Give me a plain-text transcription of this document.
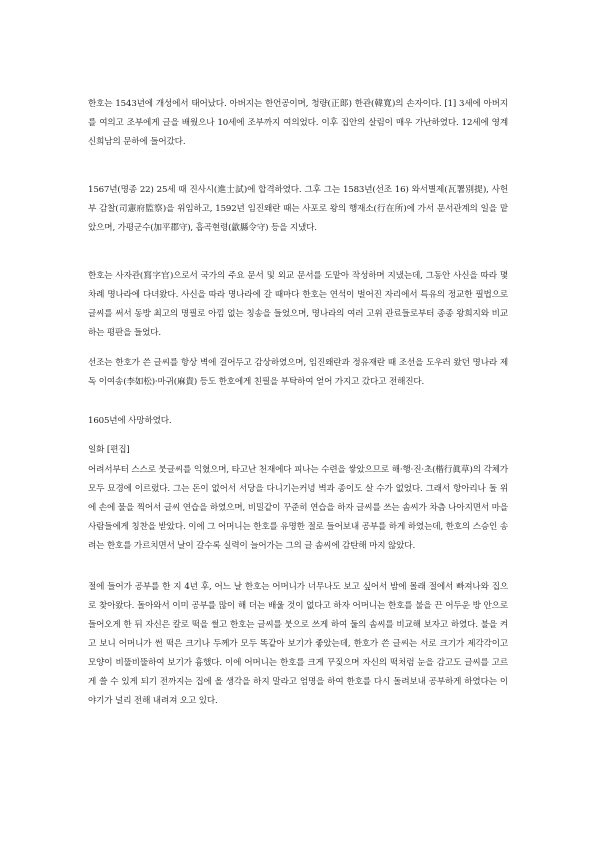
한호는 1543년에 개성에서 태어났다. 아버지는 한언공이며, 청량(正郞) 한관(韓寬)의 손자이다. [1] 3세에 아버지를 여의고 조부에게 글을 배웠으나 10세에 조부까지 여의었다. 이후 집안의 살림이 매우 가난하였다. 12세에 영계 신희남의 문하에 들어갔다.

1567년(명종 22) 25세 때 진사시(進士試)에 합격하였다. 그후 그는 1583년(선조 16) 와서별제(瓦署別提), 사헌부 감찰(司憲府監察)을 위임하고, 1592년 임진왜란 때는 사포로 왕의 행재소(行在所)에 가서 문서관계의 일을 맡았으며, 가평군수(加平郡守), 흡곡현령(歙縣令守) 등을 지냈다.

한호는 사자관(寫字官)으로서 국가의 주요 문서 및 외교 문서를 도맡아 작성하며 지냈는데, 그동안 사신을 따라 몇 차례 명나라에 다녀왔다. 사신을 따라 명나라에 갈 때마다 한호는 연석이 벌어진 자리에서 특유의 정교한 필법으로 글씨를 써서 동방 최고의 명필로 아낌 없는 칭송을 들었으며, 명나라의 여러 고위 관료들로부터 종종 왕희지와 비교하는 평판을 들었다.

선조는 한호가 쓴 글씨를 항상 벽에 걸어두고 감상하였으며, 임진왜란과 정유재란 때 조선을 도우러 왔던 명나라 제독 이여송(李如松)·마귀(麻貴) 등도 한호에게 친필을 부탁하여 얻어 가지고 갔다고 전해진다.

1605년에 사망하였다.

일화 [편집]

어려서부터 스스로 붓글씨를 익혔으며, 타고난 천재에다 피나는 수련을 쌓았으므로 해·행·진·초(楷行眞草)의 각체가 모두 묘경에 이르렀다. 그는 돈이 없어서 서당을 다니기는커녕 벽과 종이도 살 수가 없었다. 그래서 항아리나 돌 위에 손에 물을 찍어서 글씨 연습을 하였으며, 비밀같이 꾸준히 연습을 하자 글씨를 쓰는 솜씨가 차츰 나아지면서 마을 사람들에게 칭찬을 받았다. 이에 그 어머니는 한호를 유명한 절로 들어보내 공부를 하게 하였는데, 한호의 스승인 송려는 한호를 가르치면서 날이 갈수록 실력이 늘어가는 그의 글 솜씨에 감탄해 마지 않았다.

절에 들어가 공부를 한 지 4년 후, 어느 날 한호는 어머니가 너무나도 보고 싶어서 밤에 몰래 절에서 빠져나와 집으로 찾아왔다. 돌아와서 이미 공부를 많이 해 더는 배울 것이 없다고 하자 어머니는 한호를 불을 끈 어두운 방 안으로 들어오게 한 뒤 자신은 칼로 떡을 썰고 한호는 글씨를 붓으로 쓰게 하여 둘의 솜씨를 비교해 보자고 하였다. 불을 켜고 보니 어머니가 썬 떡은 크기나 두께가 모두 똑같아 보기가 좋았는데, 한호가 쓴 글씨는 서로 크기가 제각각이고 모양이 비뚤비뚤하여 보기가 흉했다. 이에 어머니는 한호를 크게 꾸짖으며 자신의 떡처럼 눈을 감고도 글씨를 고르게 쓸 수 있게 되기 전까지는 집에 올 생각을 하지 말라고 엄명을 하여 한호를 다시 돌려보내 공부하게 하였다는 이야기가 널리 전해 내려져 오고 있다.
